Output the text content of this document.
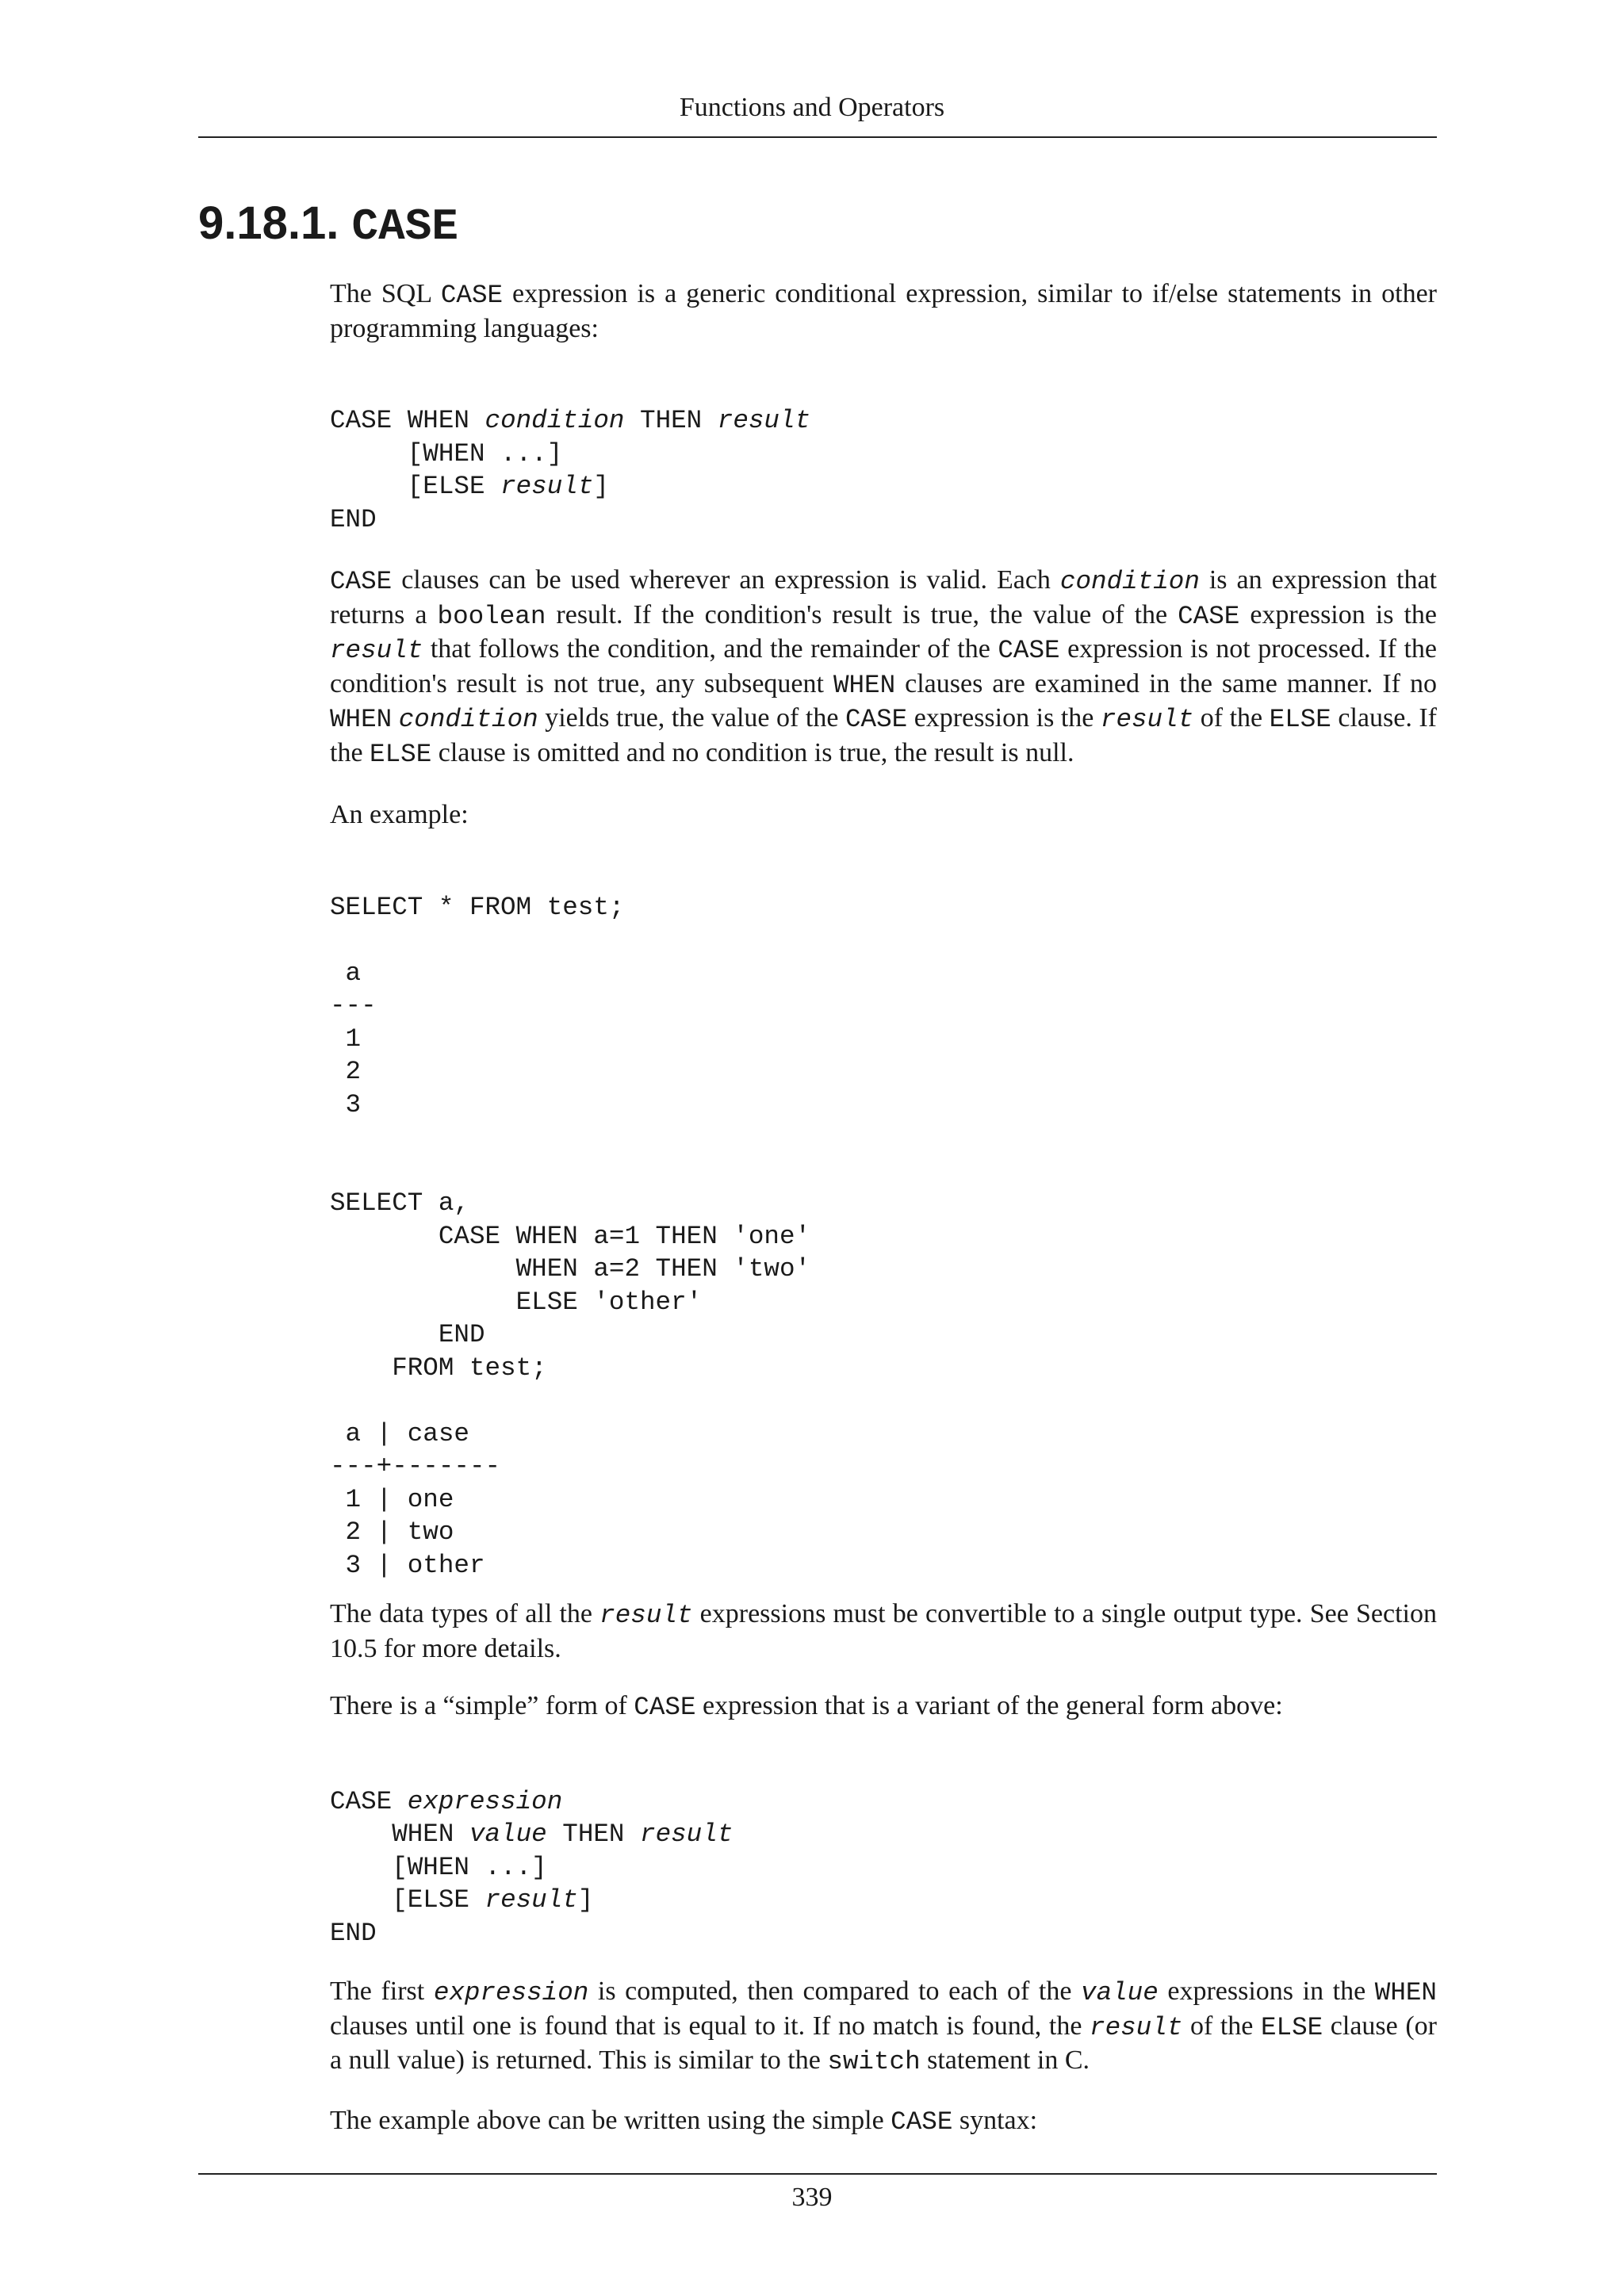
Functions and Operators
9.18.1. CASE

The SQL CASE expression is a generic conditional expression, similar to if/else statements in other programming languages:

CASE WHEN condition THEN result
[WHEN ...]
[ELSE result]
END

CASE clauses can be used wherever an expression is valid. Each condition is an expression that returns a boolean result. If the condition's result is true, the value of the CASE expression is the result that follows the condition, and the remainder of the CASE expression is not processed. If the condition's result is not true, any subsequent WHEN clauses are examined in the same manner. If no WHEN condition yields true, the value of the CASE expression is the result of the ELSE clause. If the ELSE clause is omitted and no condition is true, the result is null.

An example:

SELECT * FROM test;

a
---
1
2
3

SELECT a,
CASE WHEN a=1 THEN 'one'
WHEN a=2 THEN 'two'
ELSE 'other'
END
FROM test;

a | case
---+-------
1 | one
2 | two
3 | other

The data types of all the result expressions must be convertible to a single output type. See Section 10.5 for more details.

There is a “simple” form of CASE expression that is a variant of the general form above:

CASE expression
WHEN value THEN result
[WHEN ...]
[ELSE result]
END

The first expression is computed, then compared to each of the value expressions in the WHEN clauses until one is found that is equal to it. If no match is found, the result of the ELSE clause (or a null value) is returned. This is similar to the switch statement in C.

The example above can be written using the simple CASE syntax:

339
